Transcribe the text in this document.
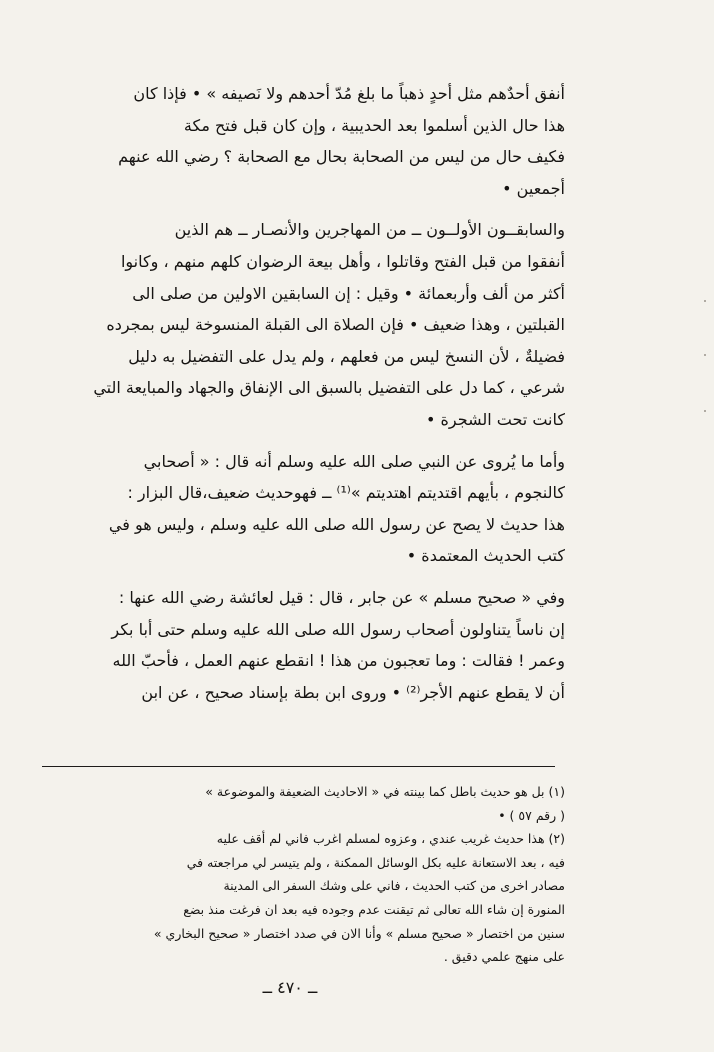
أنفق أحدٌهم مثل أحدٍ ذهباً ما بلغ مُدّ أحدهم ولا نَصيفه » • فإذا كان

هذا حال الذين أسلموا بعد الحديبية ، وإن كان قبل فتح مكة

فكيف حال من ليس من الصحابة بحال مع الصحابة ؟ رضي الله عنهم

أجمعين •

والسابقــون الأولــون ــ من المهاجرين والأنصـار ــ هم الذين

أنفقوا من قبل الفتح وقاتلوا ، وأهل بيعة الرضوان كلهم منهم ، وكانوا

أكثر من ألف وأربعمائة • وقيل : إن السابقين الاولين من صلى الى

القبلتين ، وهذا ضعيف • فإن الصلاة الى القبلة المنسوخة ليس بمجرده

فضيلةٌ ، لأن النسخ ليس من فعلهم ، ولم يدل على التفضيل به دليل

شرعي ، كما دل على التفضيل بالسبق الى الإنفاق والجهاد والمبايعة التي

كانت تحت الشجرة •

وأما ما يُروى عن النبي صلى الله عليه وسلم أنه قال : « أصحابي

كالنجوم ، بأيهم اقتديتم اهتديتم »⁽¹⁾ ــ فهوحديث ضعيف،قال البزار :

هذا حديث لا يصح عن رسول الله صلى الله عليه وسلم ، وليس هو في

كتب الحديث المعتمدة •

وفي « صحيح مسلم » عن جابر ، قال : قيل لعائشة رضي الله عنها :

إن ناساً يتناولون أصحاب رسول الله صلى الله عليه وسلم حتى أبا بكر

وعمر ! فقالت : وما تعجبون من هذا ! انقطع عنهم العمل ، فأحبّ الله

أن لا يقطع عنهم الأجر⁽²⁾ • وروى ابن بطة بإسناد صحيح ، عن ابن

(١) بل هو حديث باطل كما بينته في « الاحاديث الضعيفة والموضوعة »
( رقم ٥٧ ) •
(٢) هذا حديث غريب عندي ، وعزوه لمسلم اغرب فاني لم أقف عليه
فيه ، بعد الاستعانة عليه بكل الوسائل الممكنة ، ولم يتيسر لي مراجعته في
مصادر اخرى من كتب الحديث ، فاني على وشك السفر الى المدينة
المنورة إن شاء الله تعالى ثم تيقنت عدم وجوده فيه بعد ان فرغت منذ بضع
سنين من اختصار « صحيح مسلم » وأنا الان في صدد اختصار « صحيح البخاري »
على منهج علمي دقيق .
ــ ٤٧٠ ــ
